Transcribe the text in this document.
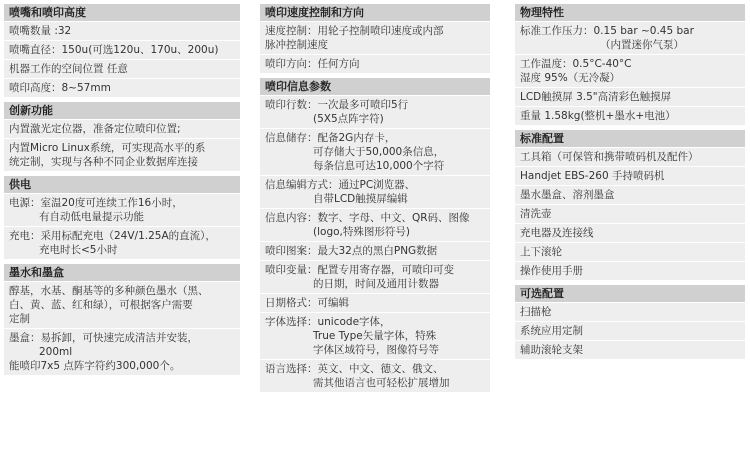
喷嘴和喷印高度
喷嘴数量 :32
喷嘴直径：150u(可选120u、170u、200u)
机器工作的空间位置 任意
喷印高度：8~57mm
创新功能
内置激光定位器，准备定位喷印位置;
内置Micro Linux系统，可实现高水平的系
统定制，实现与各种不同企业数据库连接
供电
电源：室温20度可连续工作16小时，
有自动低电量提示功能
充电：采用标配充电（24V/1.25A的直流），
充电时长<5小时
墨水和墨盒
醇基，水基、酮基等的多种颜色墨水（黑、
白、黄、蓝、红和绿），可根据客户需要
定制
墨盒：易拆卸，可快速完成清洁并安装，
200ml
能喷印7x5 点阵字符约300,000个。
喷印速度控制和方向
速度控制：用轮子控制喷印速度或内部
脉冲控制速度
喷印方向：任何方向
喷印信息参数
喷印行数：一次最多可喷印5行
(5X5点阵字符)
信息储存：配备2G内存卡，
可存储大于50,000条信息，
每条信息可达10,000个字符
信息编辑方式：通过PC浏览器、
自带LCD触摸屏编辑
信息内容：数字、字母、中文、QR码、图像
(logo,特殊图形符号)
喷印图案：最大32点的黑白PNG数据
喷印变量：配置专用寄存器，可喷印可变
的日期，时间及通用计数器
日期格式：可编辑
字体选择：unicode字体，
True Type矢量字体，特殊
字体区域符号，图像符号等
语言选择：英文、中文、德文、俄文、
需其他语言也可轻松扩展增加
物理特性
标准工作压力：0.15 bar ~0.45 bar
（内置迷你气泵）
工作温度：0.5°C-40°C
湿度 95%（无冷凝）
LCD触摸屏 3.5"高清彩色触摸屏
重量 1.58kg(整机+墨水+电池）
标准配置
工具箱（可保管和携带喷码机及配件）
Handjet EBS-260 手持喷码机
墨水墨盒、溶剂墨盒
清洗壶
充电器及连接线
上下滚轮
操作使用手册
可选配置
扫描枪
系统应用定制
辅助滚轮支架
